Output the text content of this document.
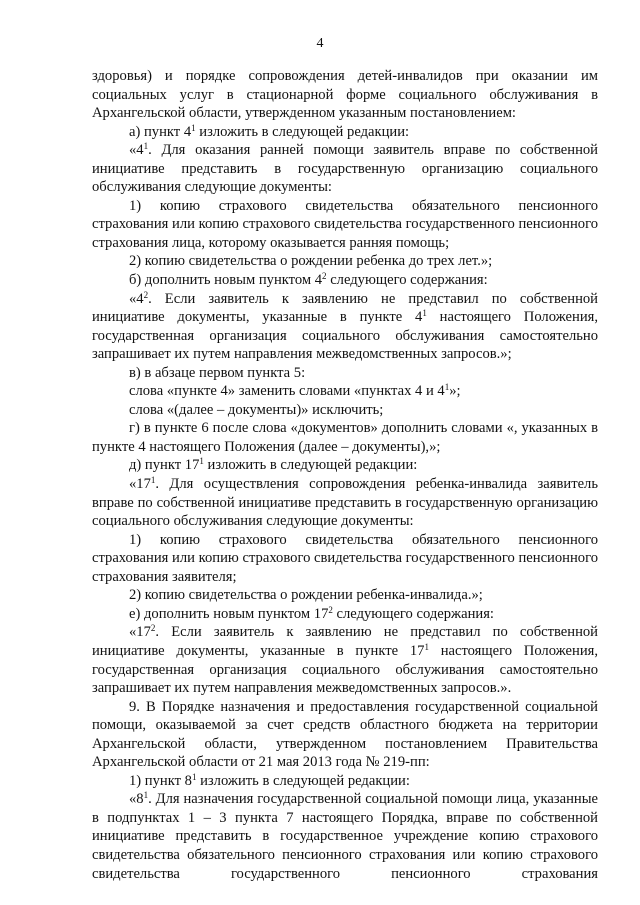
4

здоровья) и порядке сопровождения детей-инвалидов при оказании им социальных услуг в стационарной форме социального обслуживания в Архангельской области, утвержденном указанным постановлением:

а) пункт $4^1$ изложить в следующей редакции:

«$4^1$. Для оказания ранней помощи заявитель вправе по собственной инициативе представить в государственную организацию социального обслуживания следующие документы:

1) копию страхового свидетельства обязательного пенсионного страхования или копию страхового свидетельства государственного пенсионного страхования лица, которому оказывается ранняя помощь;

2) копию свидетельства о рождении ребенка до трех лет.»;

б) дополнить новым пунктом $4^2$ следующего содержания:

«$4^2$. Если заявитель к заявлению не представил по собственной инициативе документы, указанные в пункте $4^1$ настоящего Положения, государственная организация социального обслуживания самостоятельно запрашивает их путем направления межведомственных запросов.»;

в) в абзаце первом пункта 5:

слова «пункте 4» заменить словами «пунктах 4 и $4^1$»;

слова «(далее – документы)» исключить;

г) в пункте 6 после слова «документов» дополнить словами «, указанных в пункте 4 настоящего Положения (далее – документы),»;

д) пункт $17^1$ изложить в следующей редакции:

«$17^1$. Для осуществления сопровождения ребенка-инвалида заявитель вправе по собственной инициативе представить в государственную организацию социального обслуживания следующие документы:

1) копию страхового свидетельства обязательного пенсионного страхования или копию страхового свидетельства государственного пенсионного страхования заявителя;

2) копию свидетельства о рождении ребенка-инвалида.»;

е) дополнить новым пунктом $17^2$ следующего содержания:

«$17^2$. Если заявитель к заявлению не представил по собственной инициативе документы, указанные в пункте $17^1$ настоящего Положения, государственная организация социального обслуживания самостоятельно запрашивает их путем направления межведомственных запросов.».

9. В Порядке назначения и предоставления государственной социальной помощи, оказываемой за счет средств областного бюджета на территории Архангельской области, утвержденном постановлением Правительства Архангельской области от 21 мая 2013 года № 219-пп:

1) пункт $8^1$ изложить в следующей редакции:

«$8^1$. Для назначения государственной социальной помощи лица, указанные в подпунктах 1 – 3 пункта 7 настоящего Порядка, вправе по собственной инициативе представить в государственное учреждение копию страхового свидетельства обязательного пенсионного страхования или копию страхового свидетельства государственного пенсионного страхования
